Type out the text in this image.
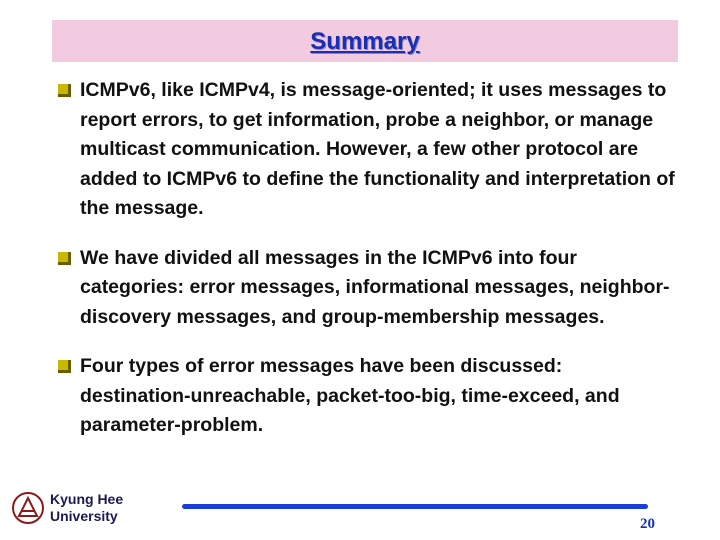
Summary
ICMPv6, like ICMPv4, is message-oriented; it uses messages to report errors, to get information, probe a neighbor, or manage multicast communication. However, a few other protocol are added to ICMPv6 to define the functionality and interpretation of the message.
We have divided all messages in the ICMPv6 into four categories: error messages, informational messages, neighbor-discovery messages, and group-membership messages.
Four types of error messages have been discussed: destination-unreachable, packet-too-big, time-exceed, and parameter-problem.
Kyung Hee
University	20
